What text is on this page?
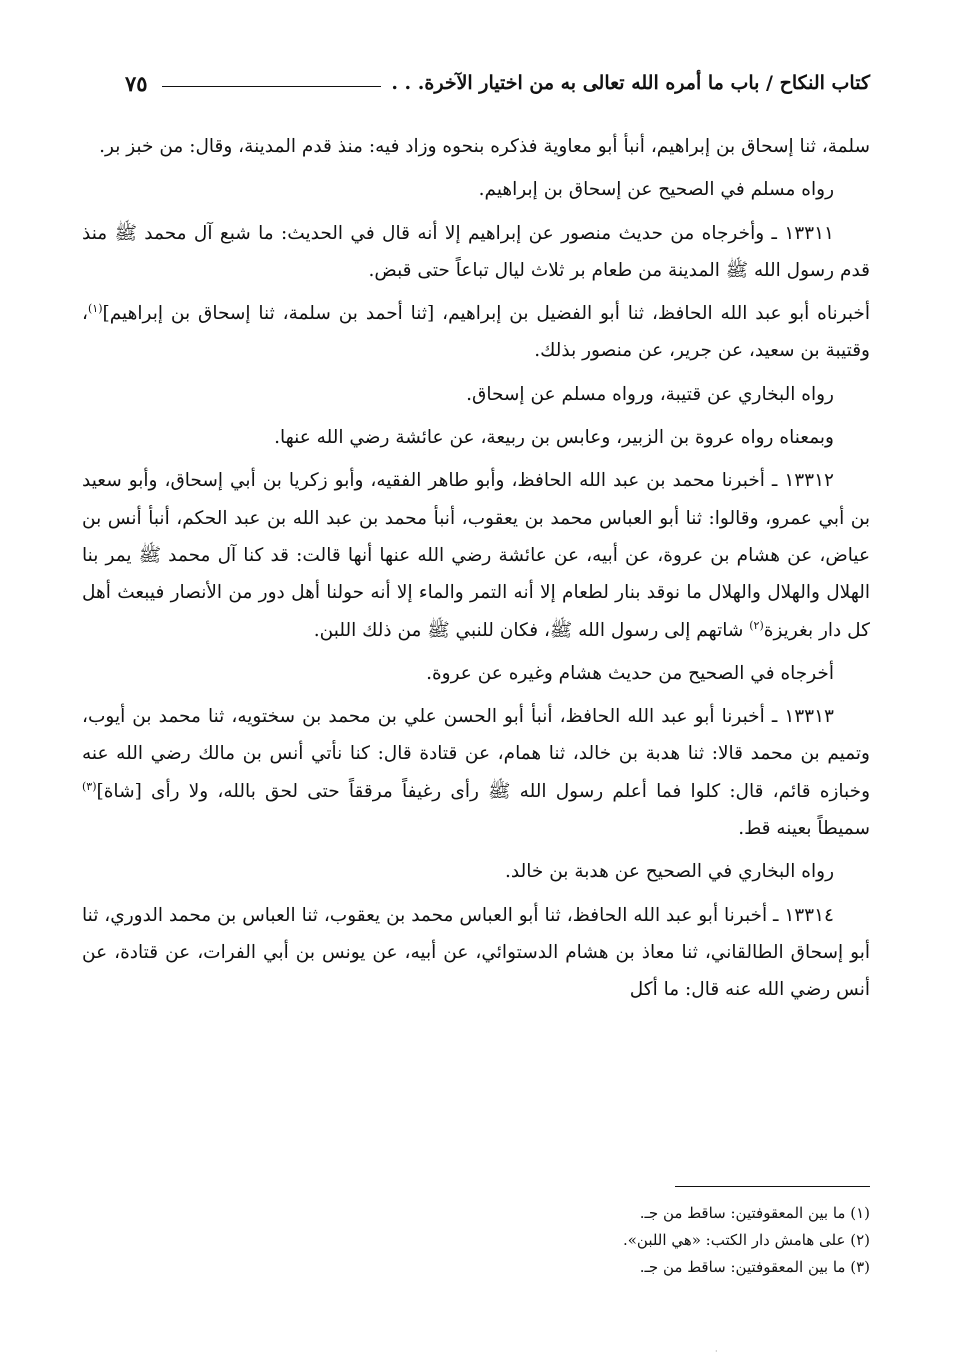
كتاب النكاح / باب ما أمره الله تعالى به من اختيار الآخرة. . .
٧٥

سلمة، ثنا إسحاق بن إبراهيم، أنبأ أبو معاوية فذكره بنحوه وزاد فيه: منذ قدم المدينة، وقال: من خبز بر.

رواه مسلم في الصحيح عن إسحاق بن إبراهيم.

١٣٣١١ ـ وأخرجاه من حديث منصور عن إبراهيم إلا أنه قال في الحديث: ما شبع آل محمد ﷺ منذ قدم رسول الله ﷺ المدينة من طعام بر ثلاث ليال تباعاً حتى قبض.

أخبرناه أبو عبد الله الحافظ، ثنا أبو الفضيل بن إبراهيم، [ثنا أحمد بن سلمة، ثنا إسحاق بن إبراهيم]$^{(١)}$، وقتيبة بن سعيد، عن جرير، عن منصور بذلك.

رواه البخاري عن قتيبة، ورواه مسلم عن إسحاق.

وبمعناه رواه عروة بن الزبير، وعابس بن ربيعة، عن عائشة رضي الله عنها.

١٣٣١٢ ـ أخبرنا محمد بن عبد الله الحافظ، وأبو طاهر الفقيه، وأبو زكريا بن أبي إسحاق، وأبو سعيد بن أبي عمرو، وقالوا: ثنا أبو العباس محمد بن يعقوب، أنبأ محمد بن عبد الله بن عبد الحكم، أنبأ أنس بن عياض، عن هشام بن عروة، عن أبيه، عن عائشة رضي الله عنها أنها قالت: قد كنا آل محمد ﷺ يمر بنا الهلال والهلال والهلال ما نوقد بنار لطعام إلا أنه التمر والماء إلا أنه حولنا أهل دور من الأنصار فيبعث أهل كل دار بغريزة$^{(٢)}$ شاتهم إلى رسول الله ﷺ، فكان للنبي ﷺ من ذلك اللبن.

أخرجاه في الصحيح من حديث هشام وغيره عن عروة.

١٣٣١٣ ـ أخبرنا أبو عبد الله الحافظ، أنبأ أبو الحسن علي بن محمد بن سختويه، ثنا محمد بن أيوب، وتميم بن محمد قالا: ثنا هدبة بن خالد، ثنا همام، عن قتادة قال: كنا نأتي أنس بن مالك رضي الله عنه وخبازه قائم، قال: كلوا فما أعلم رسول الله ﷺ رأى رغيفاً مرققاً حتى لحق بالله، ولا رأى [شاة]$^{(٣)}$ سميطاً بعينه قط.

رواه البخاري في الصحيح عن هدبة بن خالد.

١٣٣١٤ ـ أخبرنا أبو عبد الله الحافظ، ثنا أبو العباس محمد بن يعقوب، ثنا العباس بن محمد الدوري، ثنا أبو إسحاق الطالقاني، ثنا معاذ بن هشام الدستوائي، عن أبيه، عن يونس بن أبي الفرات، عن قتادة، عن أنس رضي الله عنه قال: ما أكل

(١) ما بين المعقوفتين: ساقط من جـ.

(٢) على هامش دار الكتب: «هي اللبن».

(٣) ما بين المعقوفتين: ساقط من جـ.

·
